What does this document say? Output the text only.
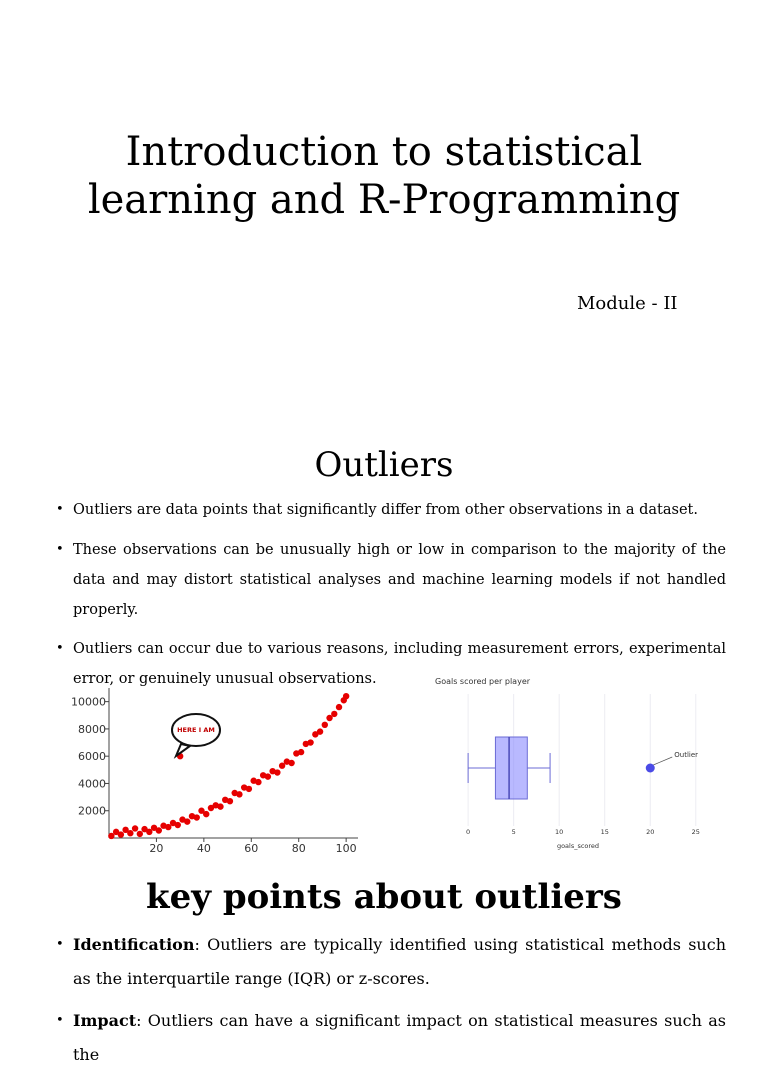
Introduction to statistical
learning and R-Programming
Module - II
Outliers
• Outliers are data points that significantly differ from other observations in a dataset.
• These observations can be unusually high or low in comparison to the majority of the data and may distort statistical analyses and machine learning models if not handled properly.
• Outliers can occur due to various reasons, including measurement errors, experimental error, or genuinely unusual observations.
20	40	60	80	100
2000
4000
6000
8000
10000
HERE I AM
Goals scored per player
Outlier
0	5	10	15	20	25
goals_scored
key points about outliers
• Identification: Outliers are typically identified using statistical methods such as the interquartile range (IQR) or z-scores.
• Impact: Outliers can have a significant impact on statistical measures such as the
